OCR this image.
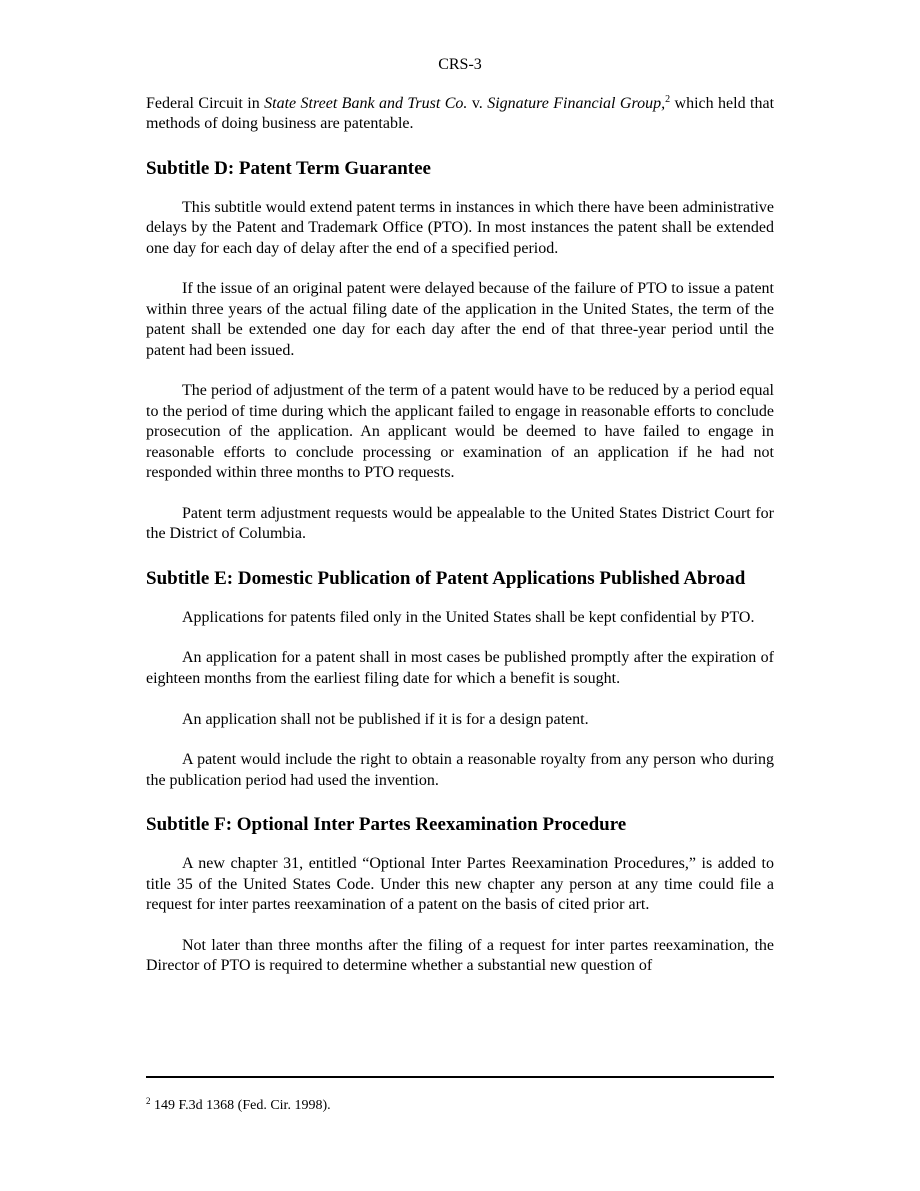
CRS-3

Federal Circuit in State Street Bank and Trust Co. v. Signature Financial Group,$^2$ which held that methods of doing business are patentable.

Subtitle D: Patent Term Guarantee

This subtitle would extend patent terms in instances in which there have been administrative delays by the Patent and Trademark Office (PTO). In most instances the patent shall be extended one day for each day of delay after the end of a specified period.

If the issue of an original patent were delayed because of the failure of PTO to issue a patent within three years of the actual filing date of the application in the United States, the term of the patent shall be extended one day for each day after the end of that three-year period until the patent had been issued.

The period of adjustment of the term of a patent would have to be reduced by a period equal to the period of time during which the applicant failed to engage in reasonable efforts to conclude prosecution of the application. An applicant would be deemed to have failed to engage in reasonable efforts to conclude processing or examination of an application if he had not responded within three months to PTO requests.

Patent term adjustment requests would be appealable to the United States District Court for the District of Columbia.

Subtitle E: Domestic Publication of Patent Applications Published Abroad

Applications for patents filed only in the United States shall be kept confidential by PTO.

An application for a patent shall in most cases be published promptly after the expiration of eighteen months from the earliest filing date for which a benefit is sought.

An application shall not be published if it is for a design patent.

A patent would include the right to obtain a reasonable royalty from any person who during the publication period had used the invention.

Subtitle F: Optional Inter Partes Reexamination Procedure

A new chapter 31, entitled “Optional Inter Partes Reexamination Procedures,” is added to title 35 of the United States Code. Under this new chapter any person at any time could file a request for inter partes reexamination of a patent on the basis of cited prior art.

Not later than three months after the filing of a request for inter partes reexamination, the Director of PTO is required to determine whether a substantial new question of

$^2$ 149 F.3d 1368 (Fed. Cir. 1998).
